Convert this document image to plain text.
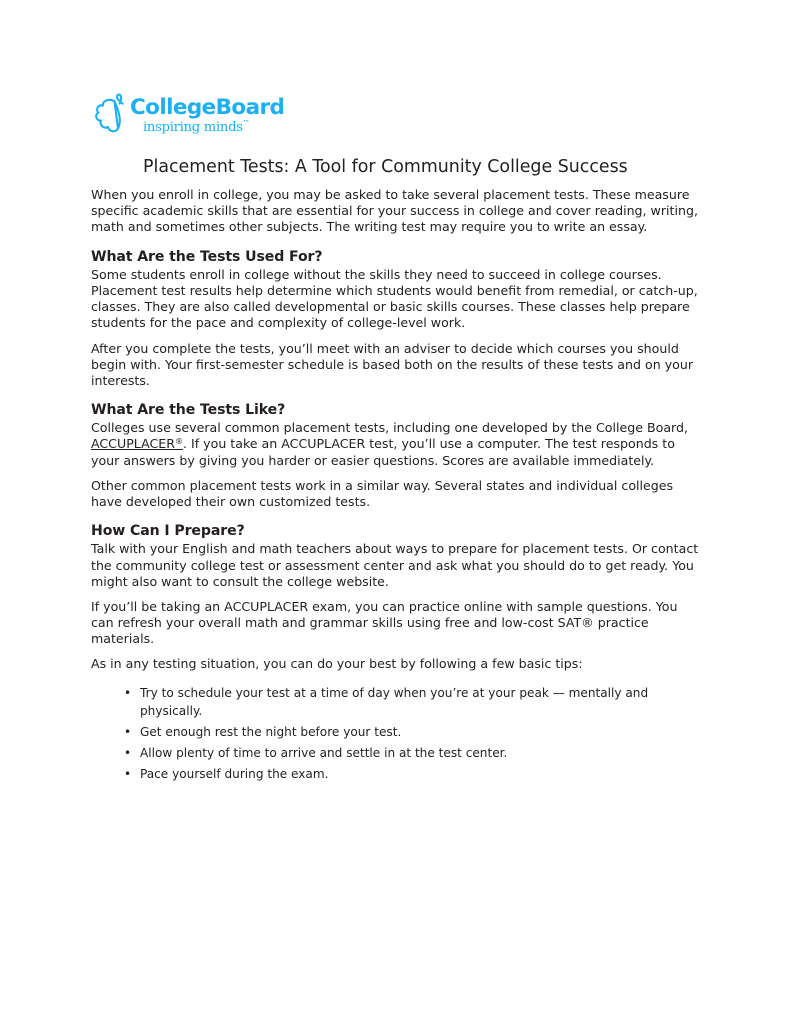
CollegeBoard
inspiring minds™
Placement Tests: A Tool for Community College Success

When you enroll in college, you may be asked to take several placement tests. These measure specific academic skills that are essential for your success in college and cover reading, writing, math and sometimes other subjects. The writing test may require you to write an essay.

What Are the Tests Used For?

Some students enroll in college without the skills they need to succeed in college courses. Placement test results help determine which students would benefit from remedial, or catch-up, classes. They are also called developmental or basic skills courses. These classes help prepare students for the pace and complexity of college-level work.

After you complete the tests, you’ll meet with an adviser to decide which courses you should begin with. Your first-semester schedule is based both on the results of these tests and on your interests.

What Are the Tests Like?

Colleges use several common placement tests, including one developed by the College Board, ACCUPLACER®. If you take an ACCUPLACER test, you’ll use a computer. The test responds to your answers by giving you harder or easier questions. Scores are available immediately.

Other common placement tests work in a similar way. Several states and individual colleges have developed their own customized tests.

How Can I Prepare?

Talk with your English and math teachers about ways to prepare for placement tests. Or contact the community college test or assessment center and ask what you should do to get ready. You might also want to consult the college website.

If you’ll be taking an ACCUPLACER exam, you can practice online with sample questions. You can refresh your overall math and grammar skills using free and low-cost SAT® practice materials.

As in any testing situation, you can do your best by following a few basic tips:

• Try to schedule your test at a time of day when you’re at your peak — mentally and physically.
• Get enough rest the night before your test.
• Allow plenty of time to arrive and settle in at the test center.
• Pace yourself during the exam.
